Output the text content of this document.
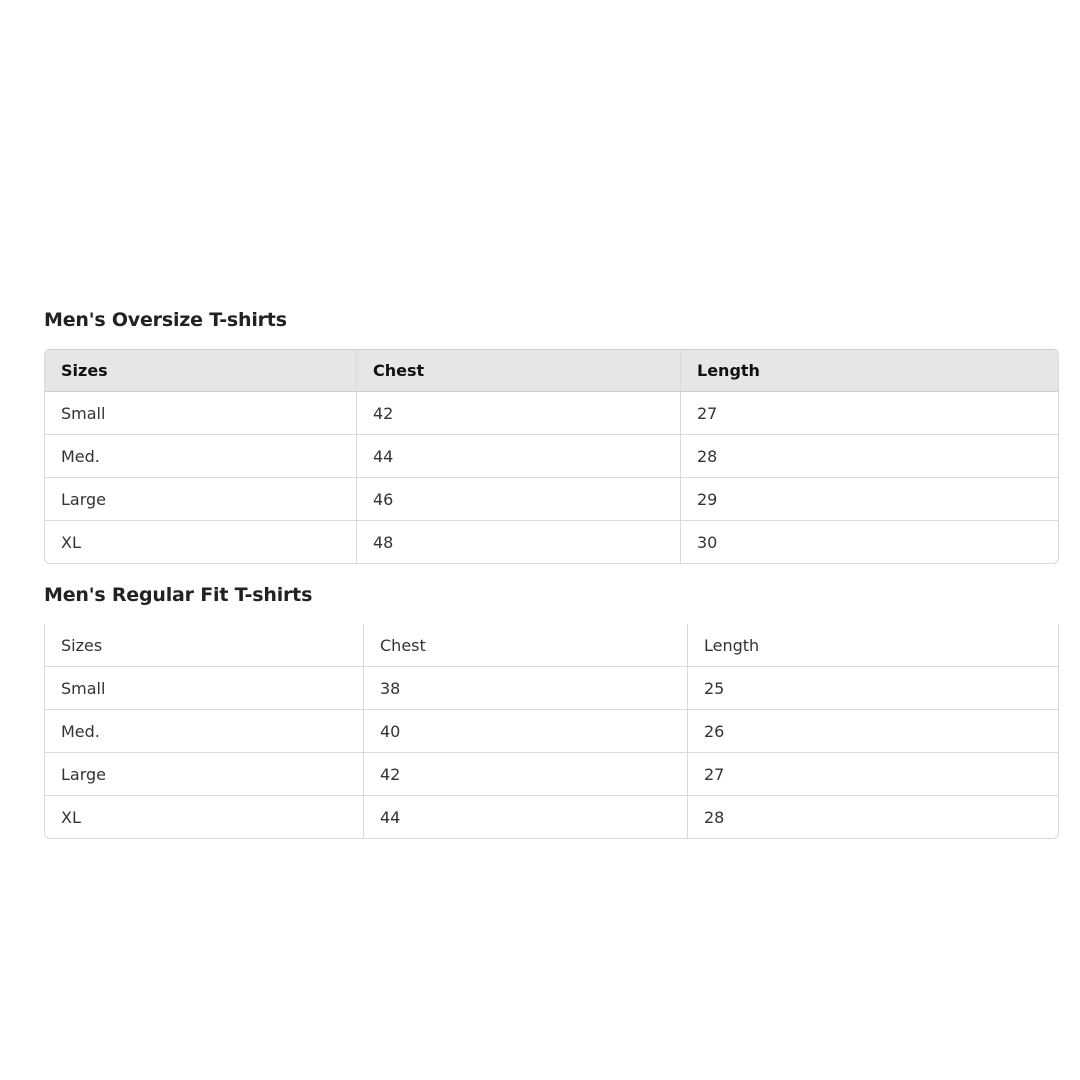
Men's Oversize T-shirts
Sizes	Chest	Length
Small	42	27
Med.	44	28
Large	46	29
XL	48	30
Men's Regular Fit T-shirts
Sizes	Chest	Length
Small	38	25
Med.	40	26
Large	42	27
XL	44	28
